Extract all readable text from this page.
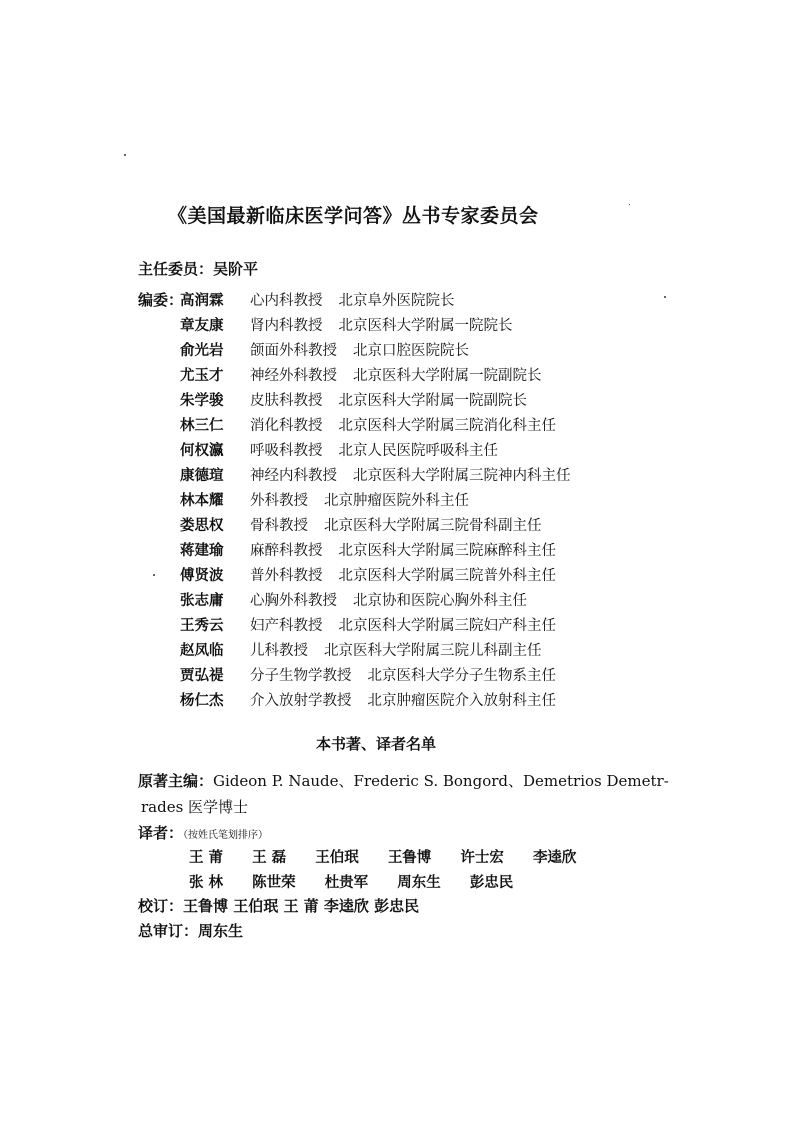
《美国最新临床医学问答》丛书专家委员会
主任委员：吴阶平
编委：
高润霖 心内科教授 北京阜外医院院长
章友康 肾内科教授 北京医科大学附属一院院长
俞光岩 颌面外科教授 北京口腔医院院长
尤玉才 神经外科教授 北京医科大学附属一院副院长
朱学骏 皮肤科教授 北京医科大学附属一院副院长
林三仁 消化科教授 北京医科大学附属三院消化科主任
何权瀛 呼吸科教授 北京人民医院呼吸科主任
康德瑄 神经内科教授 北京医科大学附属三院神内科主任
林本耀 外科教授 北京肿瘤医院外科主任
娄思权 骨科教授 北京医科大学附属三院骨科副主任
蒋建瑜 麻醉科教授 北京医科大学附属三院麻醉科主任
傅贤波 普外科教授 北京医科大学附属三院普外科主任
张志庸 心胸外科教授 北京协和医院心胸外科主任
王秀云 妇产科教授 北京医科大学附属三院妇产科主任
赵凤临 儿科教授 北京医科大学附属三院儿科副主任
贾弘禔 分子生物学教授 北京医科大学分子生物系主任
杨仁杰 介入放射学教授 北京肿瘤医院介入放射科主任
本书著、译者名单
原著主编：Gideon P. Naude、Frederic S. Bongord、Demetrios Demetr-
rades 医学博士
译者：（按姓氏笔划排序）
王 莆 王 磊 王伯珉 王鲁博 许士宏 李逵欣
张 林 陈世荣 杜贵军 周东生 彭忠民
校订：王鲁博 王伯珉 王 莆 李逵欣 彭忠民
总审订：周东生
